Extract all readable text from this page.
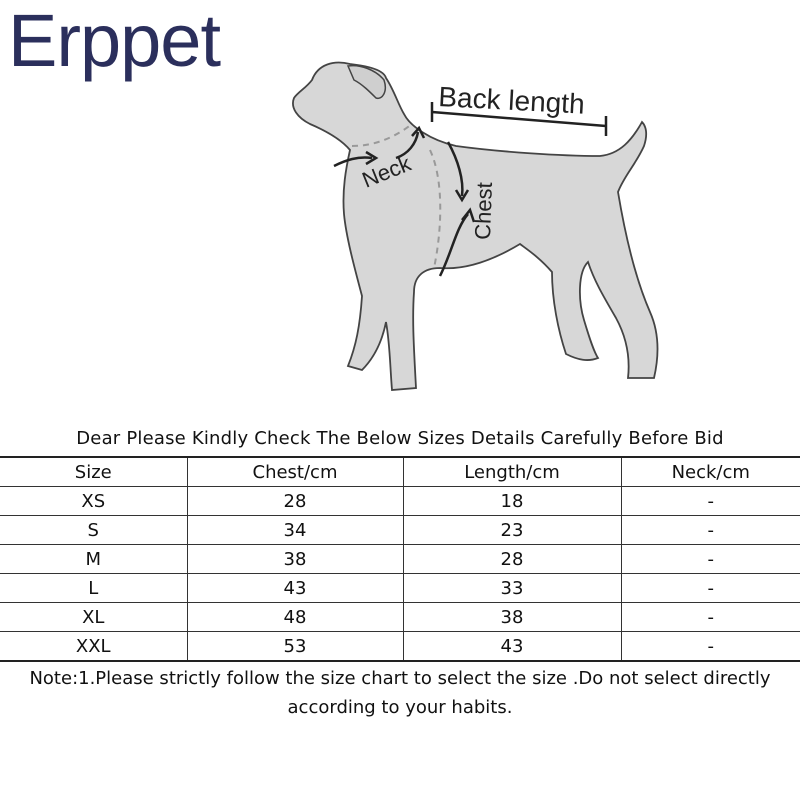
Erppet
Back length
Neck
Chest
Dear Please Kindly Check The Below Sizes Details Carefully Before Bid
Size	Chest/cm	Length/cm	Neck/cm
XS	28	18	-
S	34	23	-
M	38	28	-
L	43	33	-
XL	48	38	-
XXL	53	43	-
Note:1.Please strictly follow the size chart to select the size .Do not select directly
according to your habits.
